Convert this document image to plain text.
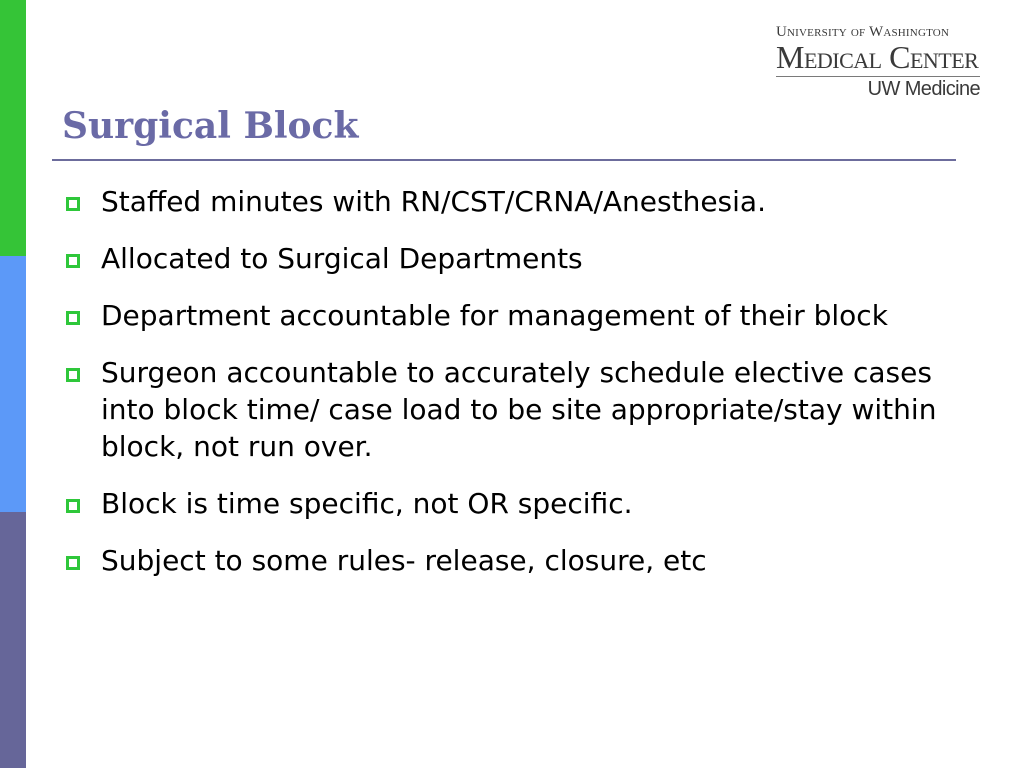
University of Washington
Medical Center
UW Medicine
Surgical Block
Staffed minutes with RN/CST/CRNA/Anesthesia.
Allocated to Surgical Departments
Department accountable for management of their block
Surgeon accountable to accurately schedule elective cases into block time/ case load to be site appropriate/stay within block, not run over.
Block is time specific, not OR specific.
Subject to some rules- release, closure, etc
